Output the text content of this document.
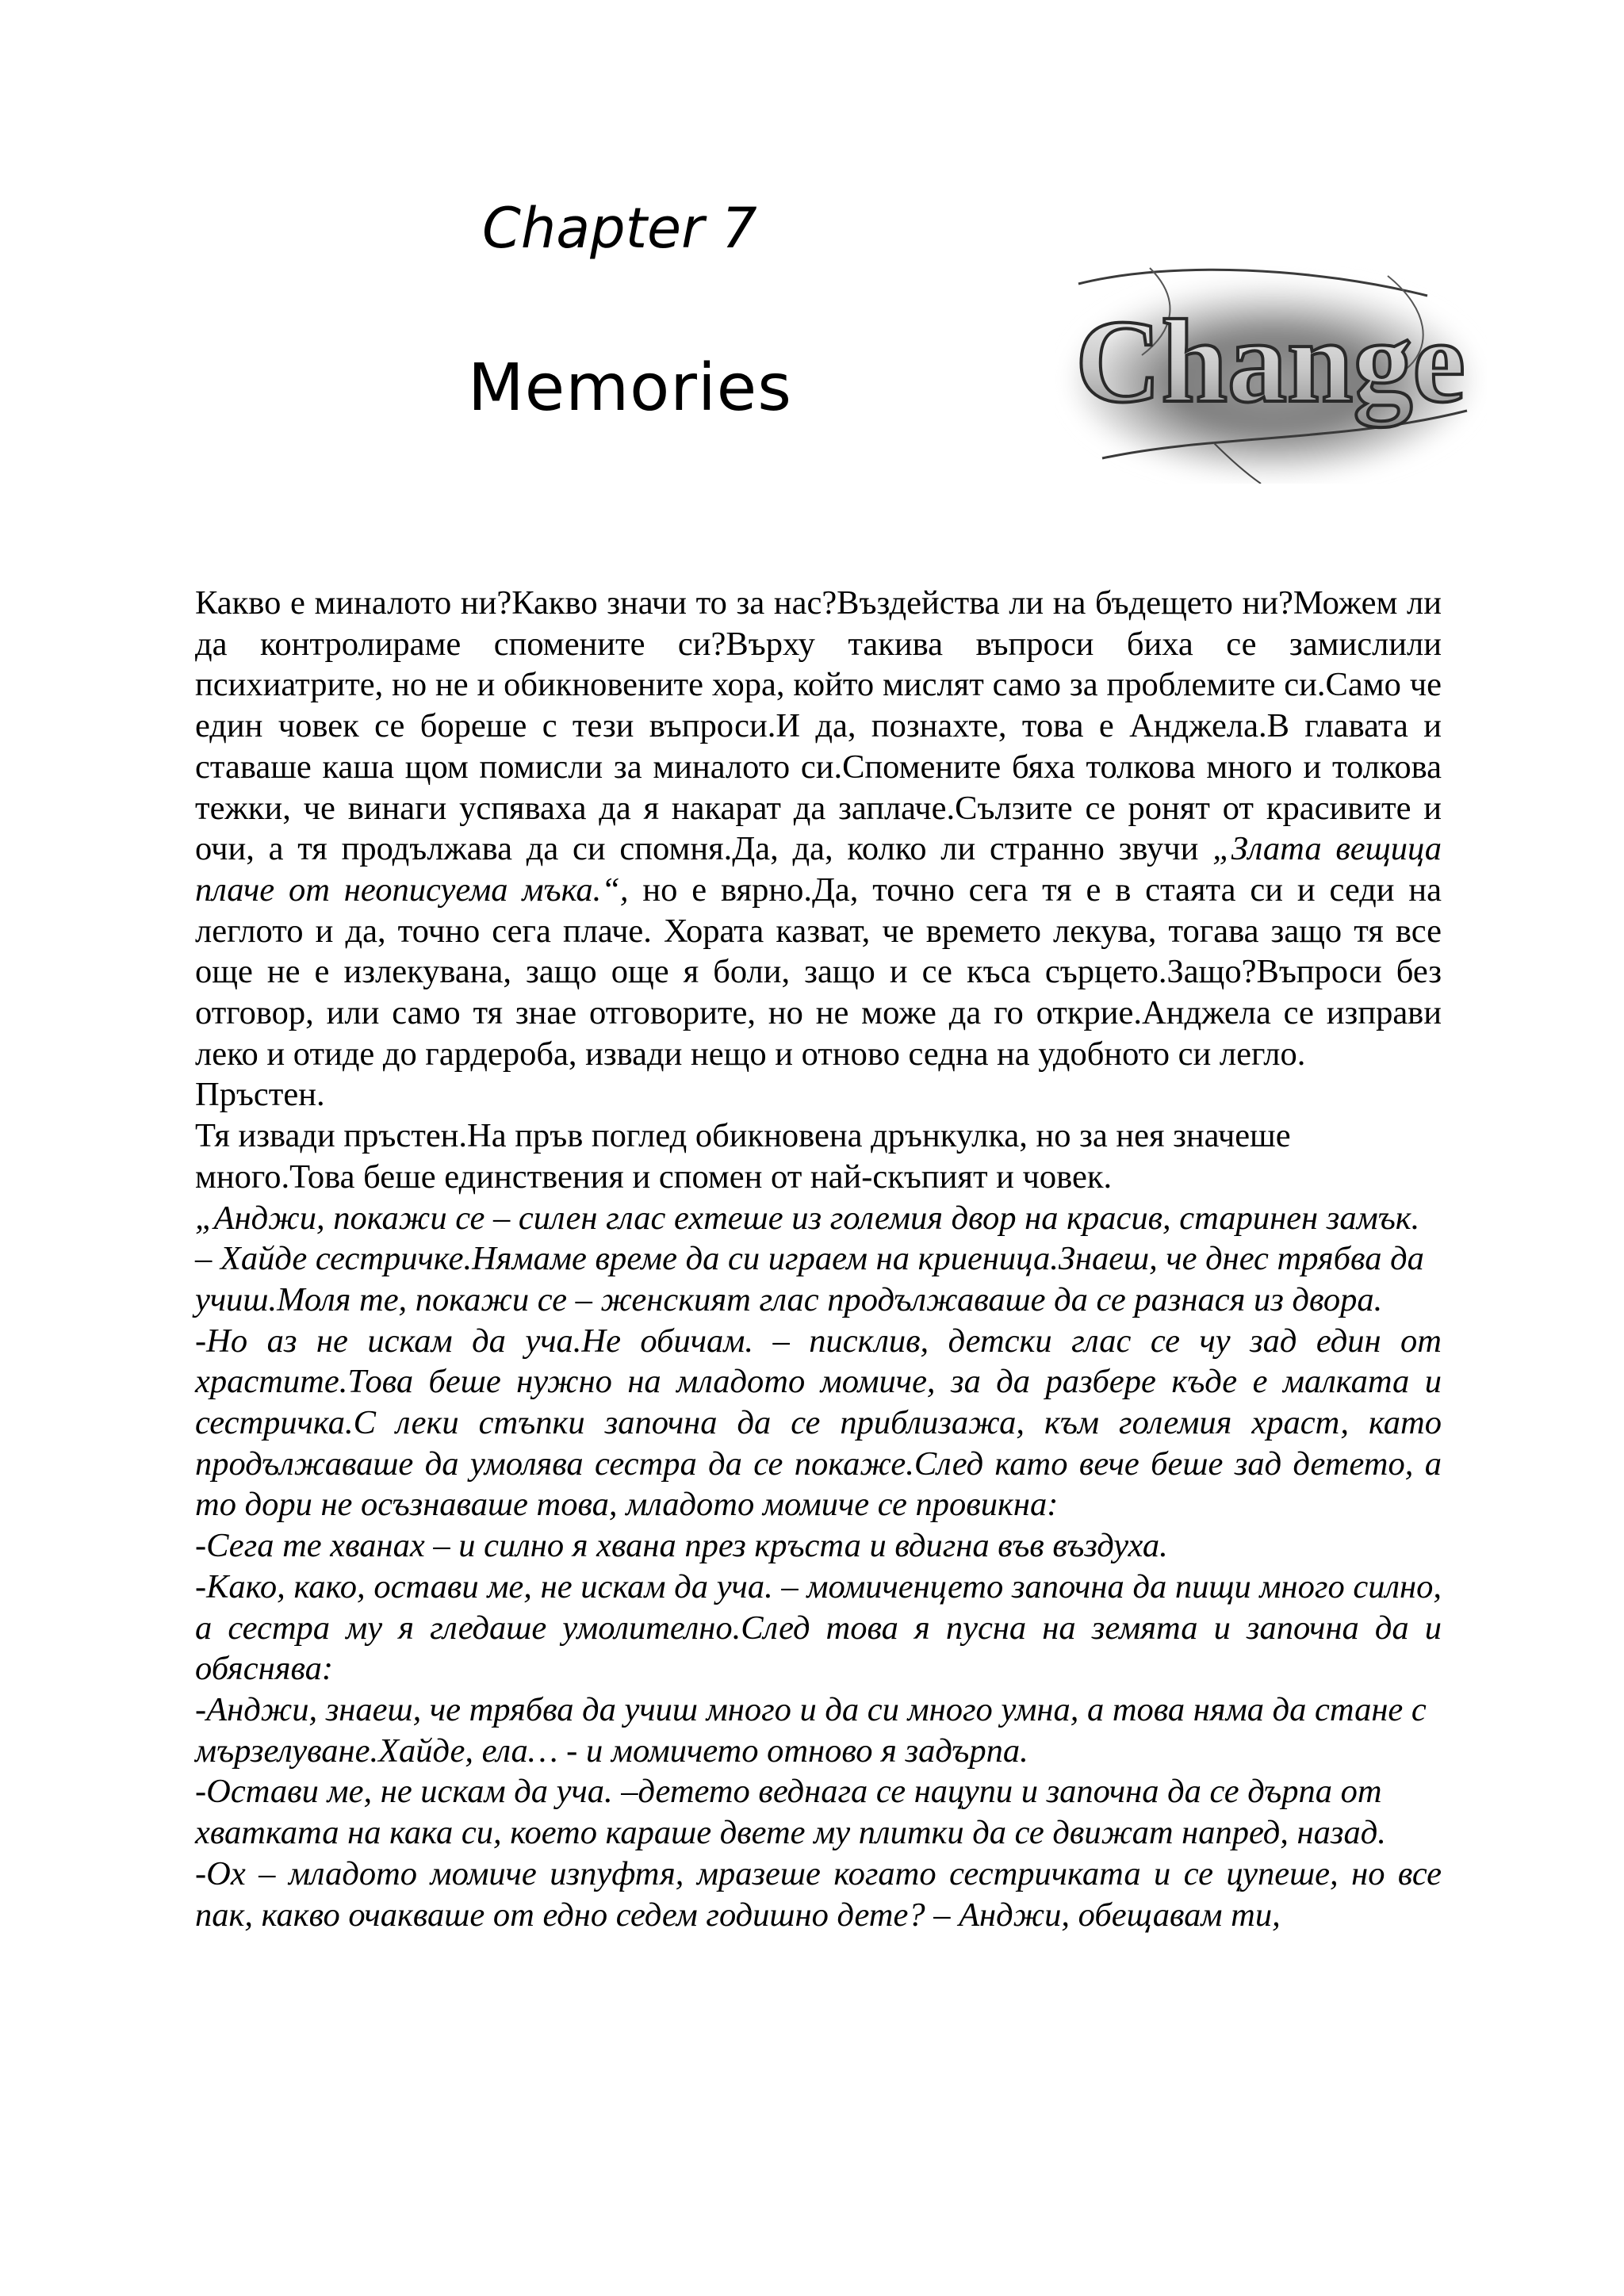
Chapter 7
Memories Change

Какво е миналото ни?Какво значи то за нас?Въздейства ли на бъдещето ни?Можем ли да контролираме спомените си?Върху такива въпроси биха се замислили психиатрите, но не и обикновените хора, който мислят само за проблемите си.Само че един човек се бореше с тези въпроси.И да, познахте, това е Анджела.В главата и ставаше каша щом помисли за миналото си.Спомените бяха толкова много и толкова тежки, че винаги успяваха да я накарат да заплаче.Сълзите се ронят от красивите и очи, а тя продължава да си спомня.Да, да, колко ли странно звучи „Злата вещица плаче от неописуема мъка.“, но е вярно.Да, точно сега тя е в стаята си и седи на леглото и да, точно сега плаче. Хората казват, че времето лекува, тогава защо тя все още не е излекувана, защо още я боли, защо и се къса сърцето.Защо?Въпроси без отговор, или само тя знае отговорите, но не може да го открие.Анджела се изправи леко и отиде до гардероба, извади нещо и отново седна на удобното си легло.

Пръстен.

Тя извади пръстен.На пръв поглед обикновена дрънкулка, но за нея значеше много.Това беше единствения и спомен от най-скъпият и човек.

„Анджи, покажи се – силен глас ехтеше из големия двор на красив, старинен замък. – Хайде сестричке.Нямаме време да си играем на криеница.Знаеш, че днес трябва да учиш.Моля те, покажи се – женският глас продължаваше да се разнася из двора.

-Но аз не искам да уча.Не обичам. – писклив, детски глас се чу зад един от храстите.Това беше нужно на младото момиче, за да разбере къде е малката и сестричка.С леки стъпки започна да се приблизажа, към големия храст, като продължаваше да умолява сестра да се покаже.След като вече беше зад детето, а то дори не осъзнаваше това, младото момиче се провикна:

-Сега те хванах – и силно я хвана през кръста и вдигна във въздуха.

-Како, како, остави ме, не искам да уча. – момиченцето започна да пищи много силно, а сестра му я гледаше умолително.След това я пусна на земята и започна да и обяснява:

-Анджи, знаеш, че трябва да учиш много и да си много умна, а това няма да стане с мързелуване.Хайде, ела… - и момичето отново я задърпа.

-Остави ме, не искам да уча. –детето веднага се нацупи и започна да се дърпа от хватката на кака си, което караше двете му плитки да се движат напред, назад.

-Ох – младото момиче изпуфтя, мразеше когато сестричката и се цупеше, но все пак, какво очакваше от едно седем годишно дете? – Анджи, обещавам ти,
